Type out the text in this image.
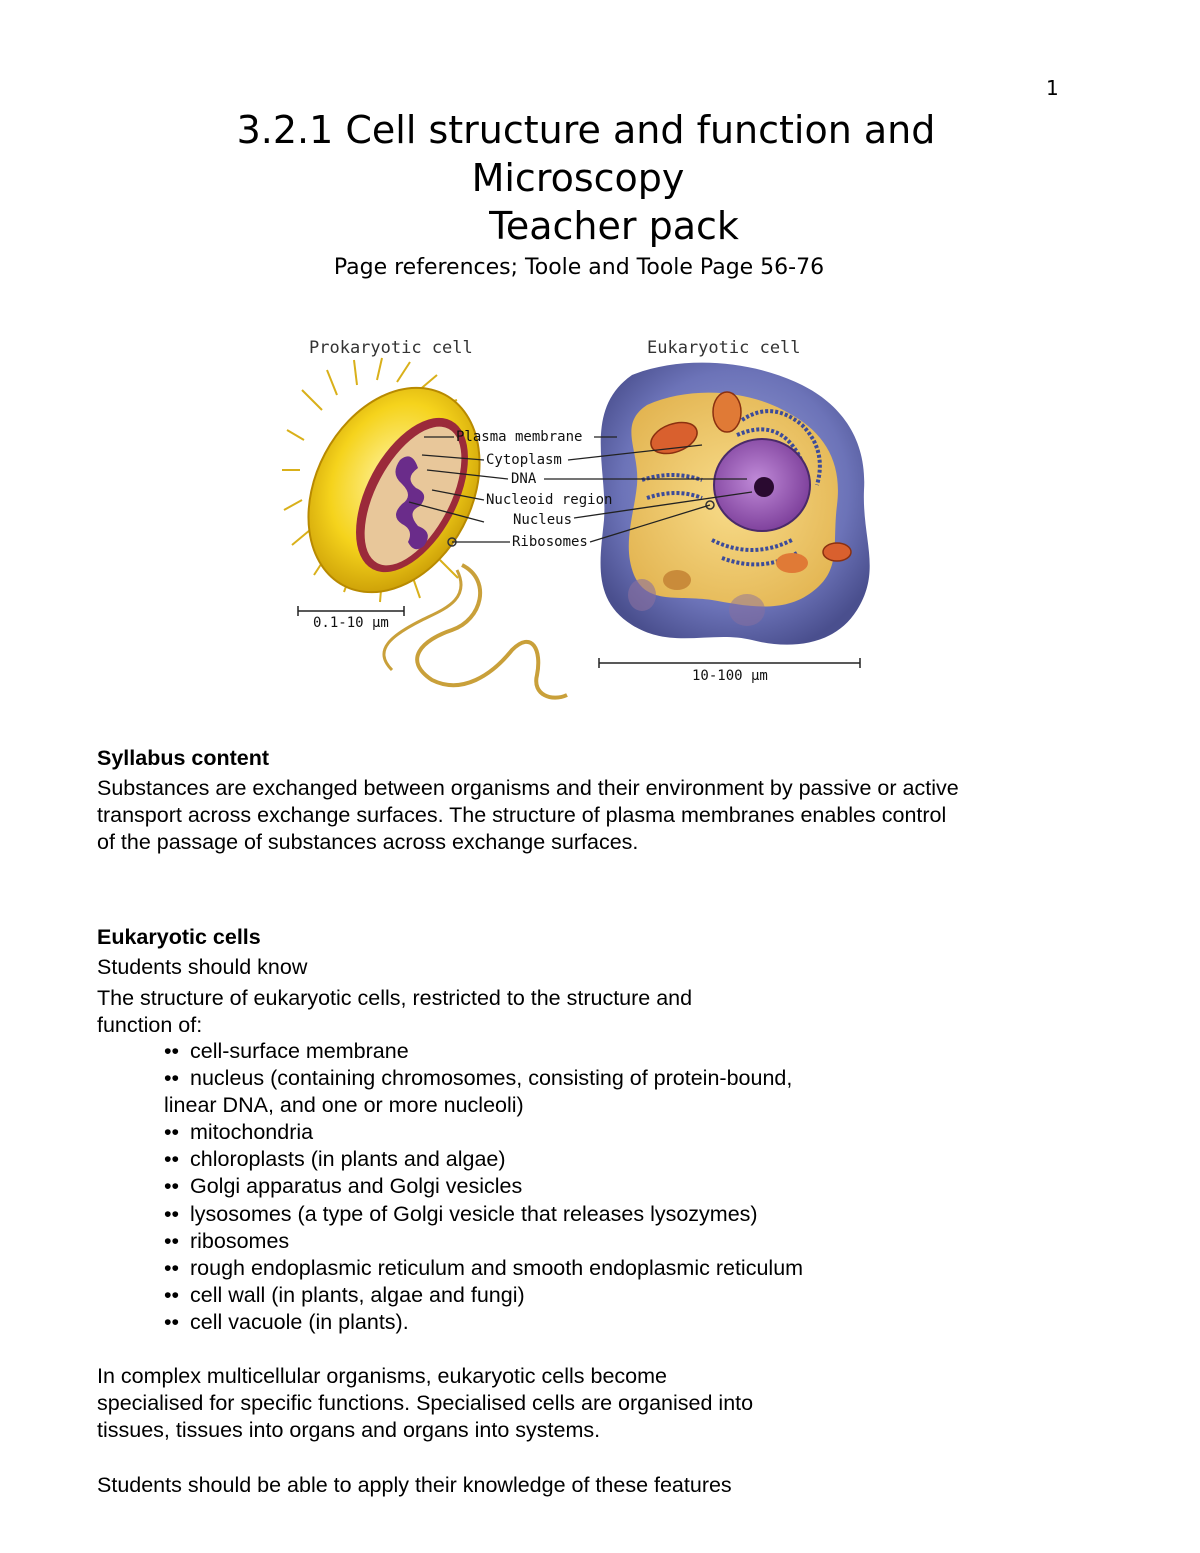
1
3.2.1 Cell structure and function and
Microscopy
Teacher pack
Page references; Toole and Toole Page 56-76
Prokaryotic cell	Eukaryotic cell
Plasma membrane
Cytoplasm
DNA
Nucleoid region
Nucleus
Ribosomes
0.1-10 µm
10-100 µm
Syllabus content
Substances are exchanged between organisms and their environment by passive or active
transport across exchange surfaces. The structure of plasma membranes enables control
of the passage of substances across exchange surfaces.
Eukaryotic cells
Students should know
The structure of eukaryotic cells, restricted to the structure and
function of:
•• cell-surface membrane
•• nucleus (containing chromosomes, consisting of protein-bound,
linear DNA, and one or more nucleoli)
•• mitochondria
•• chloroplasts (in plants and algae)
•• Golgi apparatus and Golgi vesicles
•• lysosomes (a type of Golgi vesicle that releases lysozymes)
•• ribosomes
•• rough endoplasmic reticulum and smooth endoplasmic reticulum
•• cell wall (in plants, algae and fungi)
•• cell vacuole (in plants).
In complex multicellular organisms, eukaryotic cells become
specialised for specific functions. Specialised cells are organised into
tissues, tissues into organs and organs into systems.
Students should be able to apply their knowledge of these features
